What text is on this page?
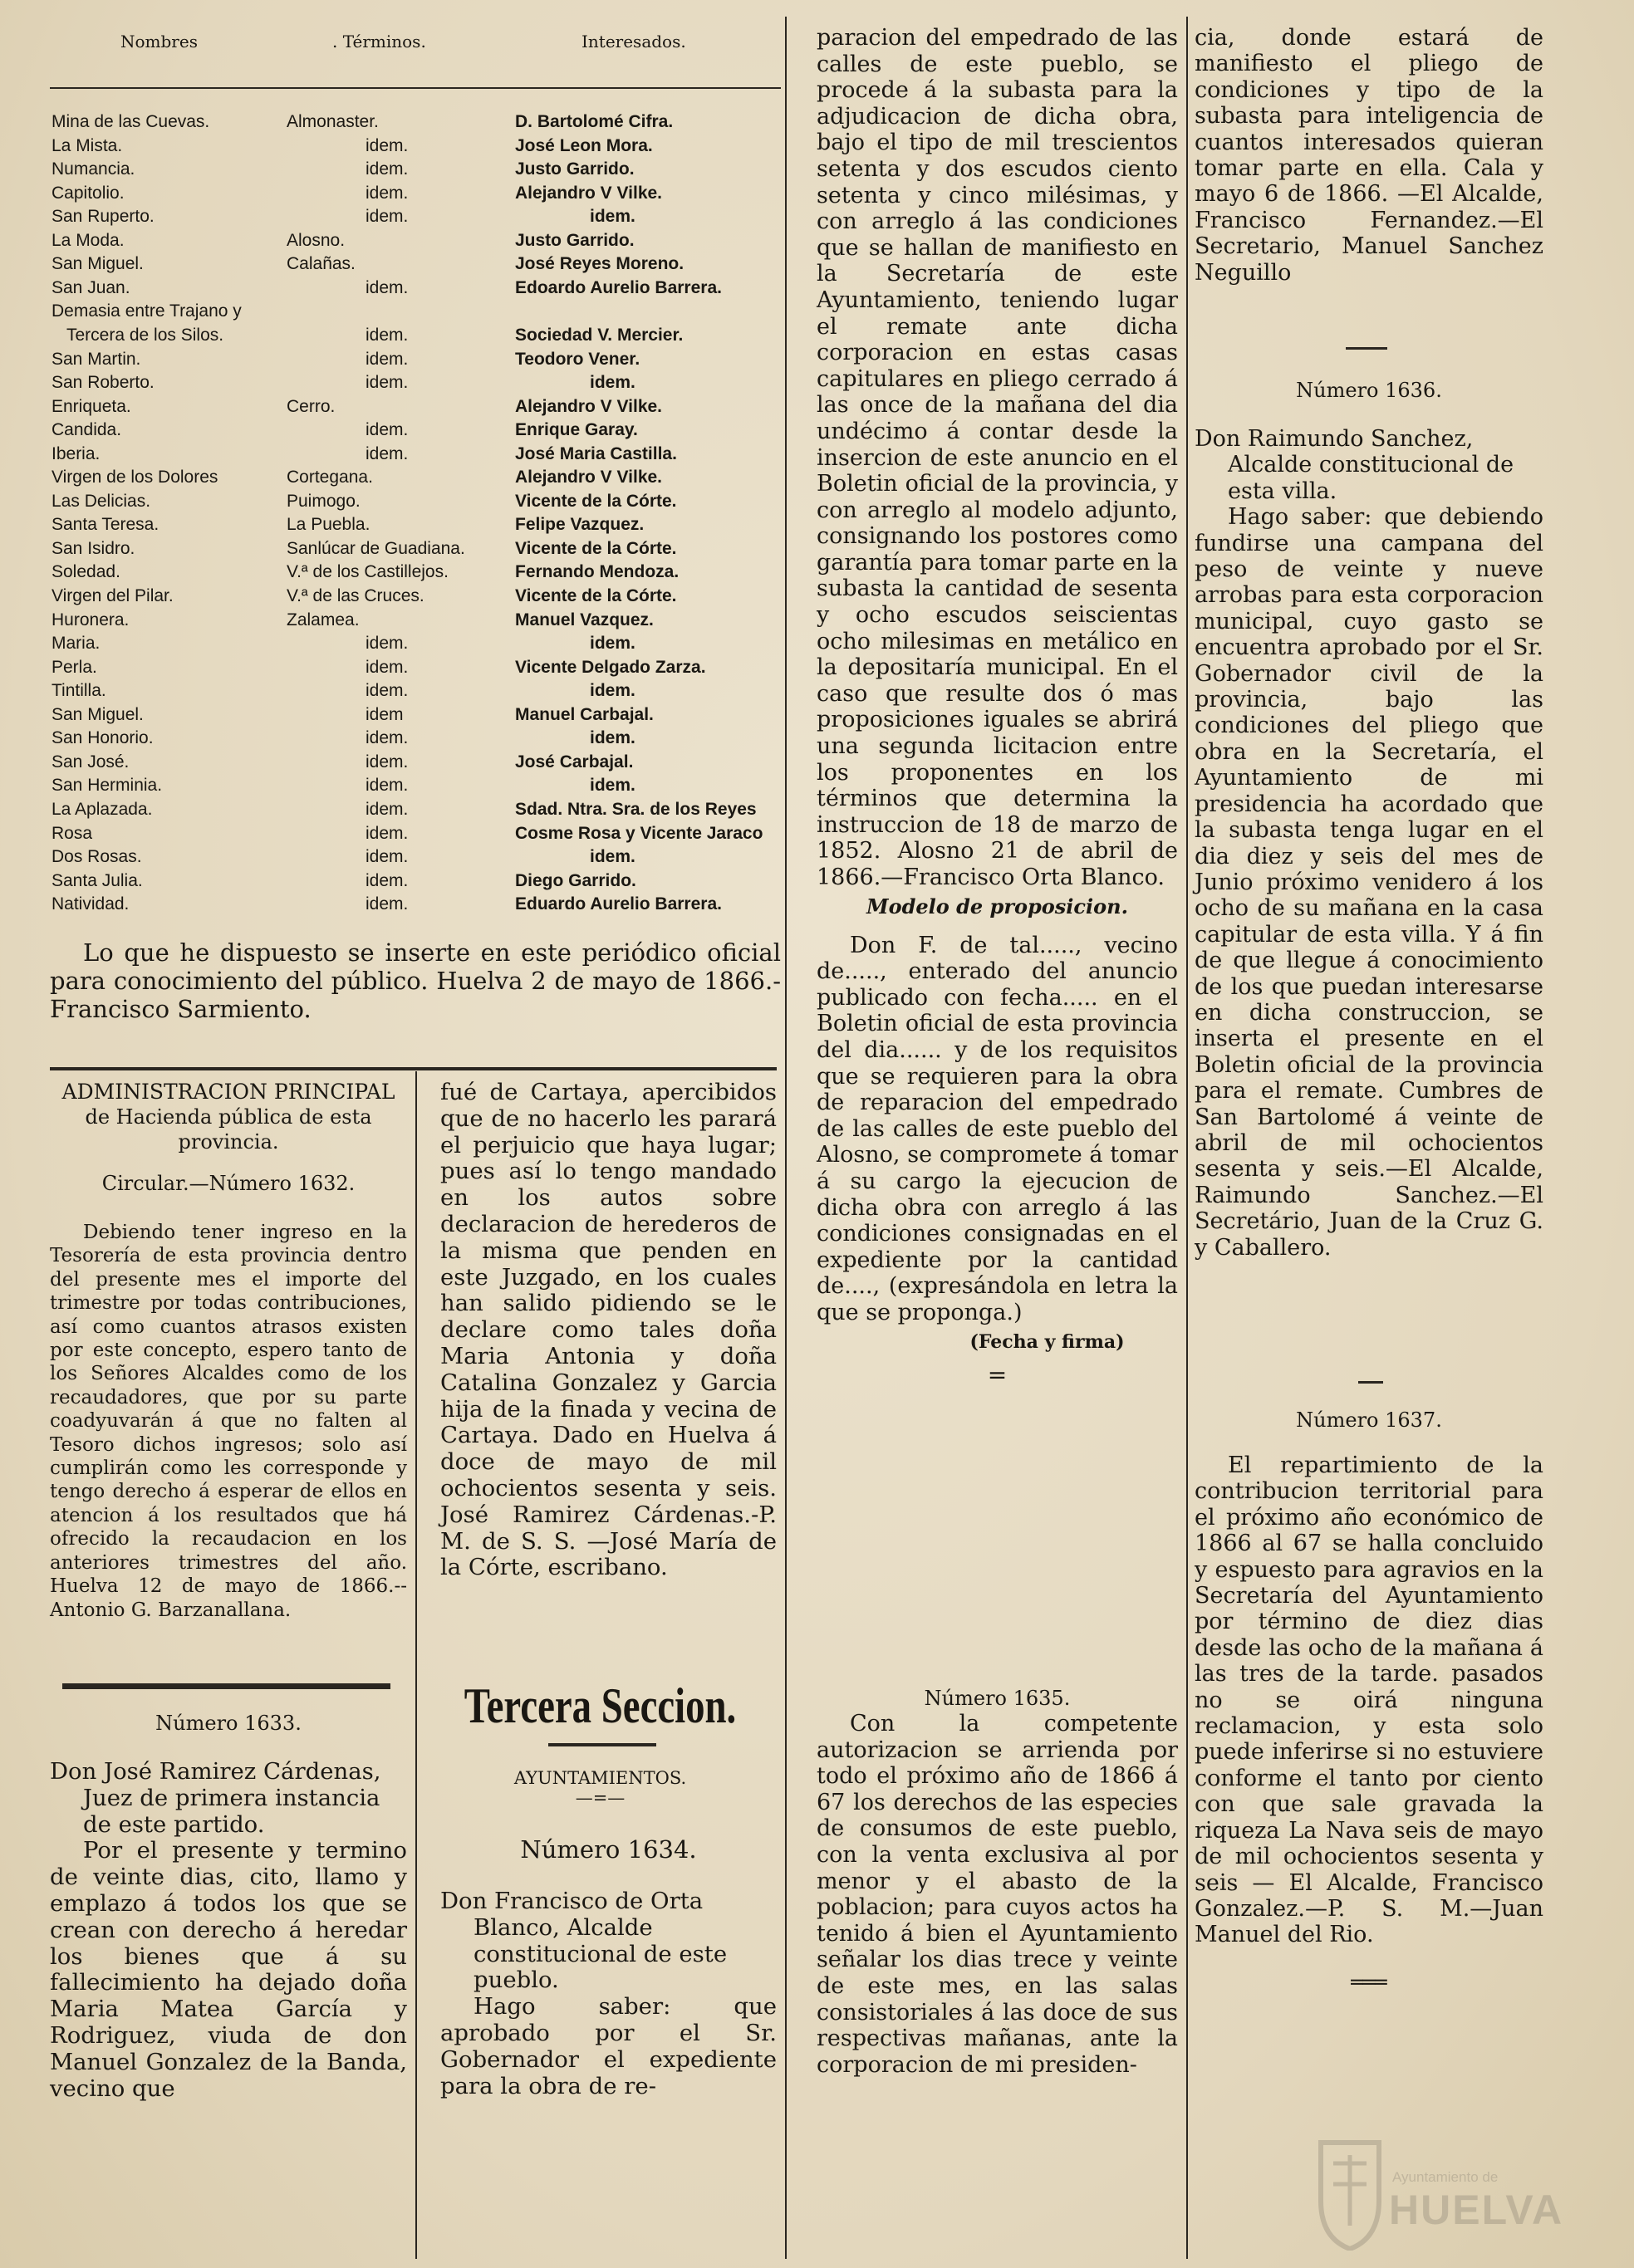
Nombres	. Términos.	Interesados.
Mina de las Cuevas.	Almonaster.	D. Bartolomé Cifra.
La Mista.	idem.	José Leon Mora.
Numancia.	idem.	Justo Garrido.
Capitolio.	idem.	Alejandro V Vilke.
San Ruperto.	idem.	idem.
La Moda.	Alosno.	Justo Garrido.
San Miguel.	Calañas.	José Reyes Moreno.
San Juan.	idem.	Edoardo Aurelio Barrera.
Demasia entre Trajano y
Tercera de los Silos.	idem.	Sociedad V. Mercier.
San Martin.	idem.	Teodoro Vener.
San Roberto.	idem.	idem.
Enriqueta.	Cerro.	Alejandro V Vilke.
Candida.	idem.	Enrique Garay.
Iberia.	idem.	José Maria Castilla.
Virgen de los Dolores	Cortegana.	Alejandro V Vilke.
Las Delicias.	Puimogo.	Vicente de la Córte.
Santa Teresa.	La Puebla.	Felipe Vazquez.
San Isidro.	Sanlúcar de Guadiana.	Vicente de la Córte.
Soledad.	V.ª de los Castillejos.	Fernando Mendoza.
Virgen del Pilar.	V.ª de las Cruces.	Vicente de la Córte.
Huronera.	Zalamea.	Manuel Vazquez.
Maria.	idem.	idem.
Perla.	idem.	Vicente Delgado Zarza.
Tintilla.	idem.	idem.
San Miguel.	idem	Manuel Carbajal.
San Honorio.	idem.	idem.
San José.	idem.	José Carbajal.
San Herminia.	idem.	idem.
La Aplazada.	idem.	Sdad. Ntra. Sra. de los Reyes
Rosa	idem.	Cosme Rosa y Vicente Jaraco
Dos Rosas.	idem.	idem.
Santa Julia.	idem.	Diego Garrido.
Natividad.	idem.	Eduardo Aurelio Barrera.

Lo que he dispuesto se inserte en este periódico oficial para conocimiento del público. Huelva 2 de mayo de 1866.-Francisco Sarmiento.

ADMINISTRACION PRINCIPAL
de Hacienda pública de esta provincia.
Circular.—Número 1632.

Debiendo tener ingreso en la Tesorería de esta provincia dentro del presente mes el importe del trimestre por todas contribuciones, así como cuantos atrasos existen por este concepto, espero tanto de los Señores Alcaldes como de los recaudadores, que por su parte coadyuvarán á que no falten al Tesoro dichos ingresos; solo así cumplirán como les corresponde y tengo derecho á esperar de ellos en atencion á los resultados que há ofrecido la recaudacion en los anteriores trimestres del año. Huelva 12 de mayo de 1866.--Antonio G. Barzanallana.

Número 1633.

Don José Ramirez Cárdenas, Juez de primera instancia de este partido.

Por el presente y termino de veinte dias, cito, llamo y emplazo á todos los que se crean con derecho á heredar los bienes que á su fallecimiento ha dejado doña Maria Matea García y Rodriguez, viuda de don Manuel Gonzalez de la Banda, vecino que

fué de Cartaya, apercibidos que de no hacerlo les parará el perjuicio que haya lugar; pues así lo tengo mandado en los autos sobre declaracion de herederos de la misma que penden en este Juzgado, en los cuales han salido pidiendo se le declare como tales doña Maria Antonia y doña Catalina Gonzalez y Garcia hija de la finada y vecina de Cartaya. Dado en Huelva á doce de mayo de mil ochocientos sesenta y seis. José Ramirez Cárdenas.-P. M. de S. S. —José María de la Córte, escribano.

Tercera Seccion.
AYUNTAMIENTOS.
—=—
Número 1634.

Don Francisco de Orta Blanco, Alcalde constitucional de este pueblo.

Hago saber: que aprobado por el Sr. Gobernador el expediente para la obra de re-

paracion del empedrado de las calles de este pueblo, se procede á la subasta para la adjudicacion de dicha obra, bajo el tipo de mil trescientos setenta y dos escudos ciento setenta y cinco milésimas, y con arreglo á las condiciones que se hallan de manifiesto en la Secretaría de este Ayuntamiento, teniendo lugar el remate ante dicha corporacion en estas casas capitulares en pliego cerrado á las once de la mañana del dia undécimo á contar desde la insercion de este anuncio en el Boletin oficial de la provincia, y con arreglo al modelo adjunto, consignando los postores como garantía para tomar parte en la subasta la cantidad de sesenta y ocho escudos seiscientas ocho milesimas en metálico en la depositaría municipal. En el caso que resulte dos ó mas proposiciones iguales se abrirá una segunda licitacion entre los proponentes en los términos que determina la instruccion de 18 de marzo de 1852. Alosno 21 de abril de 1866.—Francisco Orta Blanco.

Modelo de proposicion.

Don F. de tal....., vecino de....., enterado del anuncio publicado con fecha..... en el Boletin oficial de esta provincia del dia...... y de los requisitos que se requieren para la obra de reparacion del empedrado de las calles de este pueblo del Alosno, se compromete á tomar á su cargo la ejecucion de dicha obra con arreglo á las condiciones consignadas en el expediente por la cantidad de...., (expresándola en letra la que se proponga.)

(Fecha y firma)
=
Número 1635.

Con la competente autorizacion se arrienda por todo el próximo año de 1866 á 67 los derechos de las especies de consumos de este pueblo, con la venta exclusiva al por menor y el abasto de la poblacion; para cuyos actos ha tenido á bien el Ayuntamiento señalar los dias trece y veinte de este mes, en las salas consistoriales á las doce de sus respectivas mañanas, ante la corporacion de mi presiden-

cia, donde estará de manifiesto el pliego de condiciones y tipo de la subasta para inteligencia de cuantos interesados quieran tomar parte en ella. Cala y mayo 6 de 1866. —El Alcalde, Francisco Fernandez.—El Secretario, Manuel Sanchez Neguillo

Número 1636.

Don Raimundo Sanchez, Alcalde constitucional de esta villa.

Hago saber: que debiendo fundirse una campana del peso de veinte y nueve arrobas para esta corporacion municipal, cuyo gasto se encuentra aprobado por el Sr. Gobernador civil de la provincia, bajo las condiciones del pliego que obra en la Secretaría, el Ayuntamiento de mi presidencia ha acordado que la subasta tenga lugar en el dia diez y seis del mes de Junio próximo venidero á los ocho de su mañana en la casa capitular de esta villa. Y á fin de que llegue á conocimiento de los que puedan interesarse en dicha construccion, se inserta el presente en el Boletin oficial de la provincia para el remate. Cumbres de San Bartolomé á veinte de abril de mil ochocientos sesenta y seis.—El Alcalde, Raimundo Sanchez.—El Secretário, Juan de la Cruz G. y Caballero.

Número 1637.

El repartimiento de la contribucion territorial para el próximo año económico de 1866 al 67 se halla concluido y espuesto para agravios en la Secretaría del Ayuntamiento por término de diez dias desde las ocho de la mañana á las tres de la tarde. pasados no se oirá ninguna reclamacion, y esta solo puede inferirse si no estuviere conforme el tanto por ciento con que sale gravada la riqueza La Nava seis de mayo de mil ochocientos sesenta y seis — El Alcalde, Francisco Gonzalez.—P. S. M.—Juan Manuel del Rio.

═══
Ayuntamiento de
HUELVA
